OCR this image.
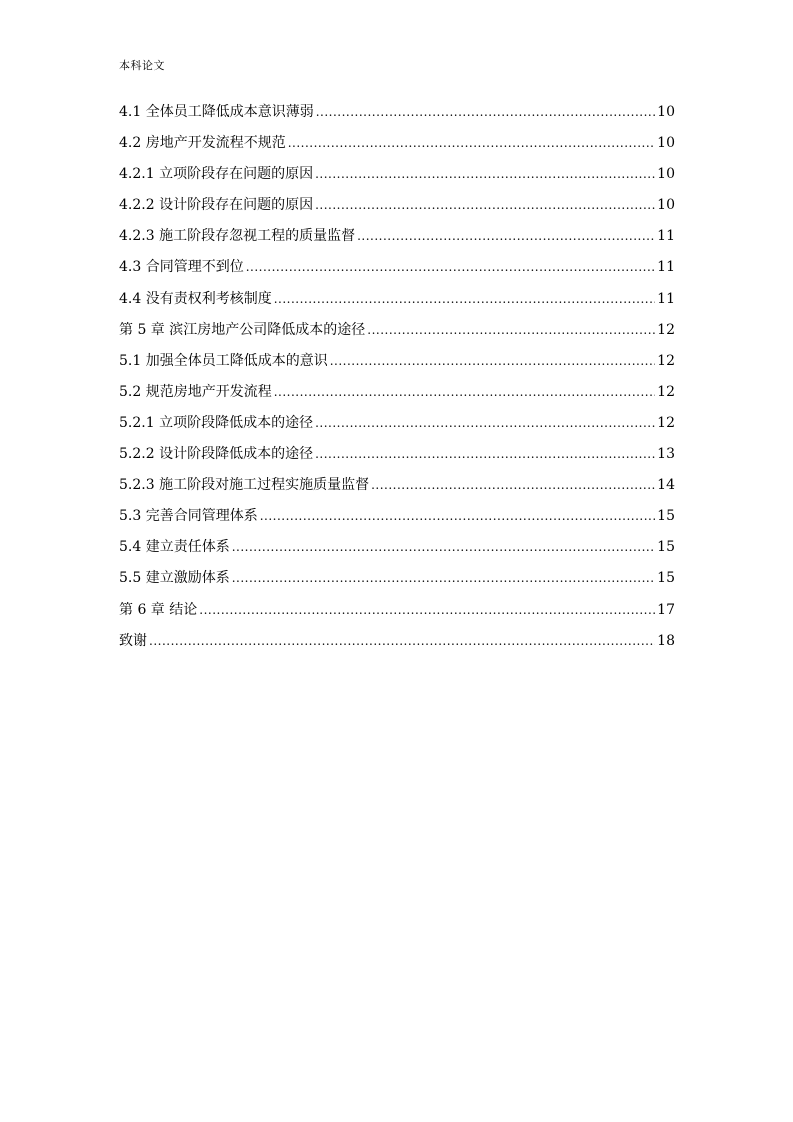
本科论文
4.1 全体员工降低成本意识薄弱 .....	10
4.2 房地产开发流程不规范 .....	10
4.2.1 立项阶段存在问题的原因 .....	10
4.2.2 设计阶段存在问题的原因 .....	10
4.2.3 施工阶段存忽视工程的质量监督 .....	11
4.3 合同管理不到位 .....	11
4.4 没有责权利考核制度 .....	11
第 5 章 滨江房地产公司降低成本的途径 .....	12
5.1 加强全体员工降低成本的意识 .....	12
5.2 规范房地产开发流程 .....	12
5.2.1 立项阶段降低成本的途径 .....	12
5.2.2 设计阶段降低成本的途径 .....	13
5.2.3 施工阶段对施工过程实施质量监督 .....	14
5.3 完善合同管理体系 .....	15
5.4 建立责任体系 .....	15
5.5 建立激励体系 .....	15
第 6 章 结论 .....	17
致谢 .....	18
